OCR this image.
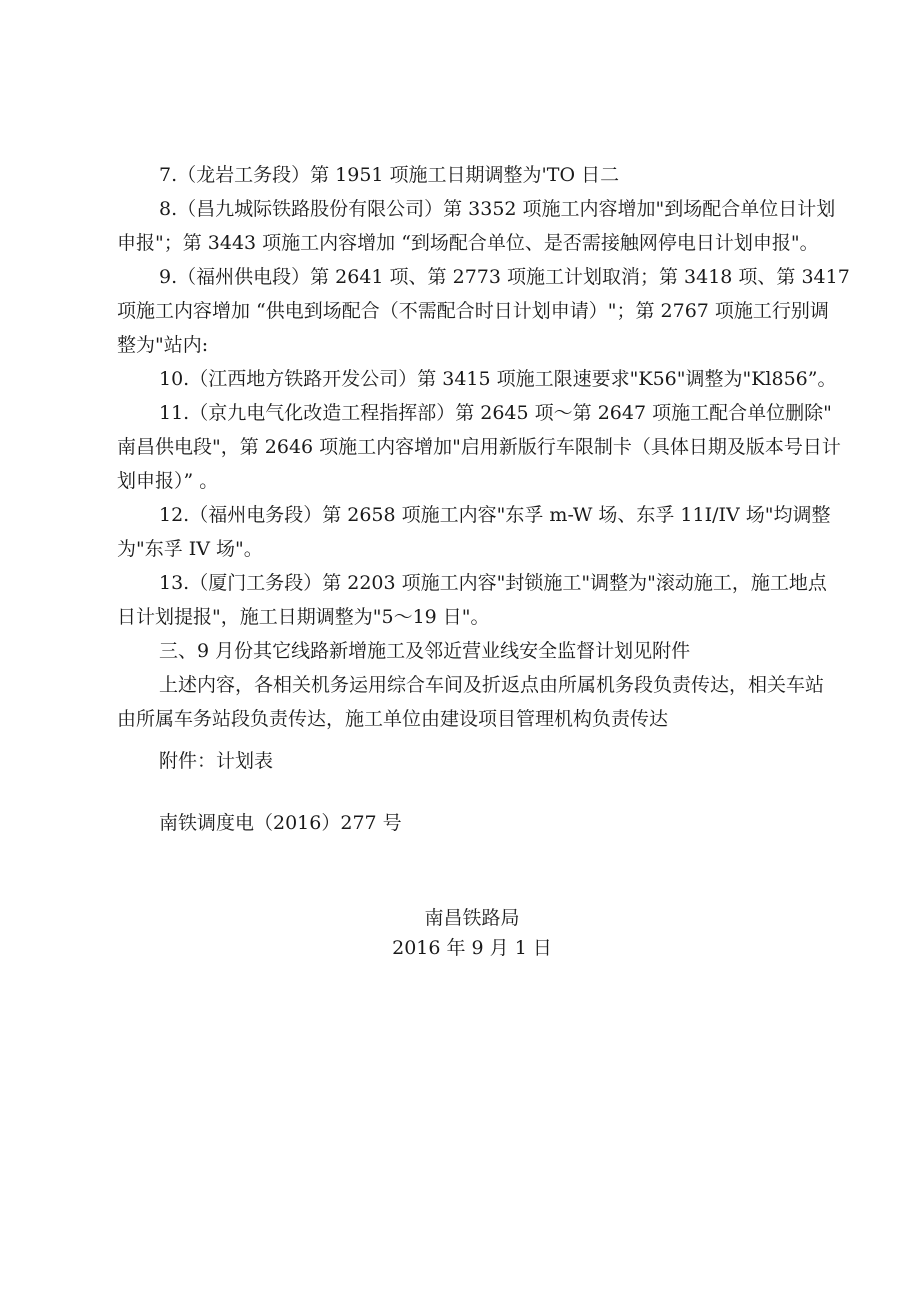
7.（龙岩工务段）第 1951 项施工日期调整为'TO 日二

8.（昌九城际铁路股份有限公司）第 3352 项施工内容增加"到场配合单位日计划

申报"；第 3443 项施工内容增加 “到场配合单位、是否需接触网停电日计划申报"。

9.（福州供电段）第 2641 项、第 2773 项施工计划取消；第 3418 项、第 3417

项施工内容增加 “供电到场配合（不需配合时日计划申请）"；第 2767 项施工行别调

整为"站内:

10.（江西地方铁路开发公司）第 3415 项施工限速要求"K56"调整为"Kl856”。

11.（京九电气化改造工程指挥部）第 2645 项〜第 2647 项施工配合单位删除"

南昌供电段"，第 2646 项施工内容增加"启用新版行车限制卡（具体日期及版本号日计

划申报）” 。

12.（福州电务段）第 2658 项施工内容"东孚 m-W 场、东孚 11I/IV 场"均调整

为"东孚 IV 场"。

13.（厦门工务段）第 2203 项施工内容"封锁施工"调整为"滚动施工，施工地点

日计划提报"，施工日期调整为"5～19 日"。

三、9 月份其它线路新增施工及邻近营业线安全监督计划见附件

上述内容，各相关机务运用综合车间及折返点由所属机务段负责传达，相关车站

由所属车务站段负责传达，施工单位由建设项目管理机构负责传达

附件：计划表
南铁调度电（2016）277 号
南昌铁路局
2016 年 9 月 1 日
